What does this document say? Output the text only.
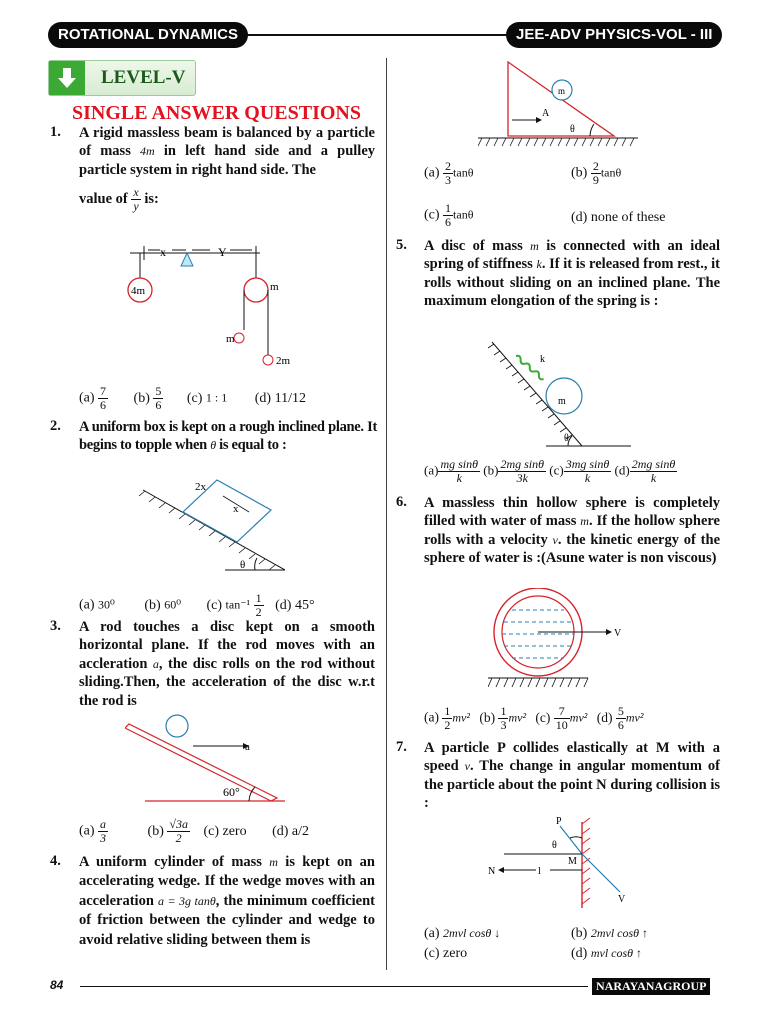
ROTATIONAL DYNAMICS	JEE-ADV PHYSICS-VOL - III
LEVEL-V
SINGLE ANSWER QUESTIONS
1. A rigid massless beam is balanced by a particle of mass 4m in left hand side and a pulley particle system in right hand side. The
value of $\frac{x}{y}$ is:
x	Y
4m	m
m
2m
$(a) \frac{7}{6} (b) \frac{5}{6} (c)$ 1 : 1 (d) 11/12
2. A uniform box is kept on a rough inclined plane. It begins to topple when θ is equal to :
2x
x
θ
(a) 30⁰ (b) 60⁰ (c) $\tan^{-1} \frac{1}{2} (d)$ 45°
3. A rod touches a disc kept on a smooth horizontal plane. If the rod moves with an accleration a, the disc rolls on the rod without sliding.Then, the acceleration of the disc w.r.t the rod is
a
60°
$(a) \frac{a}{3}$	$(b) \frac{√3a}{2} (c)$ zero (d) a/2
4. A uniform cylinder of mass m is kept on an accelerating wedge. If the wedge moves with an acceleration a = 3g tanθ, the minimum coefficient of friction between the cylinder and wedge to avoid relative sliding between them is
m
A
θ
$(a) \frac{2}{3}$ tanθ	$(b) \frac{2}{9}$ tanθ
$(c) \frac{1}{6}$ tanθ	(d) none of these
5. A disc of mass m is connected with an ideal spring of stiffness k. If it is released from rest., it rolls without sliding on an inclined plane. The maximum elongation of the spring is :
k
m
θ
$(a) \frac{\text{mg sinθ}}{k} (b) \frac{\text{2mg sinθ}}{3k} (c) \frac{\text{3mg sinθ}}{k} (d) \frac{\text{2mg sinθ}}{k}$
6. A massless thin hollow sphere is completely filled with water of mass m. If the hollow sphere rolls with a velocity v. the kinetic energy of the sphere of water is :(Asune water is non viscous)
V
$(a) \frac{1}{2} mv^2$ $(b) \frac{1}{3} mv^2$ $(c) \frac{7}{10} mv^2$ $(d) \frac{5}{6} mv^2$
7. A particle P collides elastically at M with a speed v. The change in angular momentum of the particle about the point N during collision is :
P
θ
M
N	l
V
(a) 2mvl cosθ ↓	(b) 2mvl cosθ ↑
(c) zero	(d) mvl cosθ ↑
84	NARAYANAGROUP
